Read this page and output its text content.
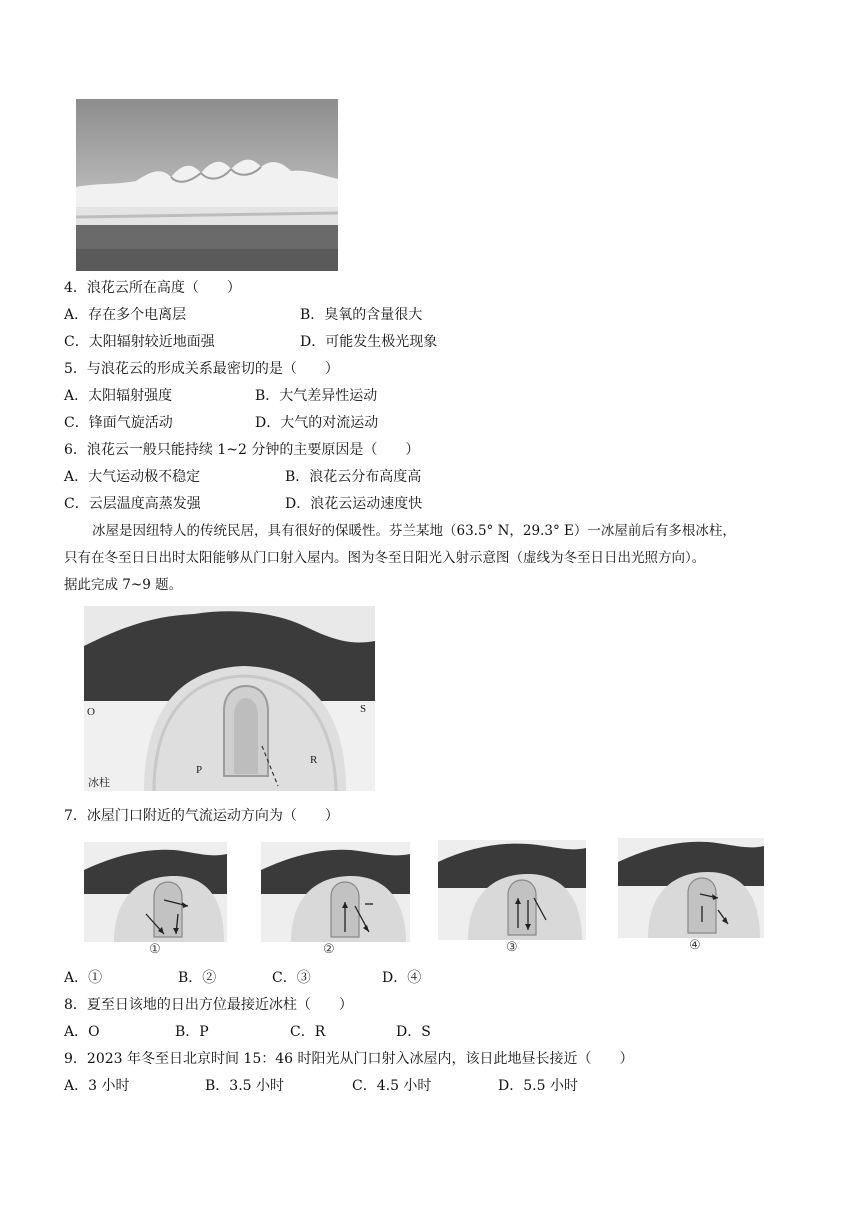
4．浪花云所在高度（　　）
A．存在多个电离层	B．臭氧的含量很大
C．太阳辐射较近地面强	D．可能发生极光现象
5．与浪花云的形成关系最密切的是（　　）
A．太阳辐射强度	B．大气差异性运动
C．锋面气旋活动	D．大气的对流运动
6．浪花云一般只能持续 1~2 分钟的主要原因是（　　）
A．大气运动极不稳定	B．浪花云分布高度高
C．云层温度高蒸发强	D．浪花云运动速度快

冰屋是因纽特人的传统民居，具有很好的保暖性。芬兰某地（63.5° N，29.3° E）一冰屋前后有多根冰柱，

只有在冬至日日出时太阳能够从门口射入屋内。图为冬至日阳光入射示意图（虚线为冬至日日出光照方向）。

据此完成 7~9 题。

O	S
P
R
冰柱
7．冰屋门口附近的气流运动方向为（　　）
①	②	③	④
A．①	B．②	C．③	D．④
8．夏至日该地的日出方位最接近冰柱（　　）
A．O	B．P	C．R	D．S
9．2023 年冬至日北京时间 15：46 时阳光从门口射入冰屋内，该日此地昼长接近（　　）
A．3 小时	B．3.5 小时	C．4.5 小时	D．5.5 小时
